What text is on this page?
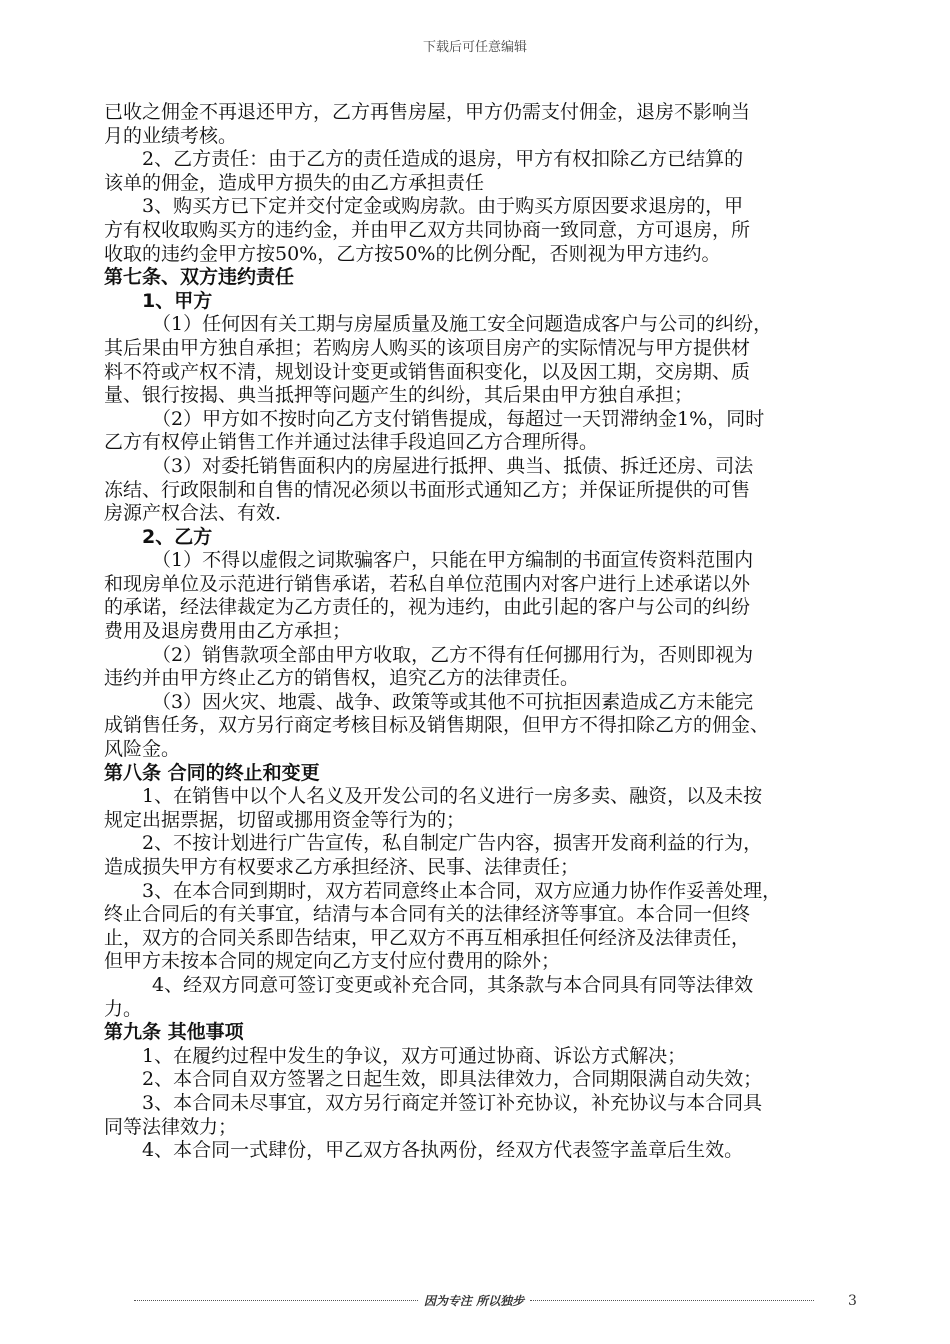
下载后可任意编辑
已收之佣金不再退还甲方，乙方再售房屋，甲方仍需支付佣金，退房不影响当
月的业绩考核。
2、乙方责任：由于乙方的责任造成的退房，甲方有权扣除乙方已结算的
该单的佣金，造成甲方损失的由乙方承担责任
3、购买方已下定并交付定金或购房款。由于购买方原因要求退房的，甲
方有权收取购买方的违约金，并由甲乙双方共同协商一致同意，方可退房，所
收取的违约金甲方按50%，乙方按50%的比例分配，否则视为甲方违约。
第七条、双方违约责任
1、甲方
（1）任何因有关工期与房屋质量及施工安全问题造成客户与公司的纠纷，
其后果由甲方独自承担；若购房人购买的该项目房产的实际情况与甲方提供材
料不符或产权不清，规划设计变更或销售面积变化，以及因工期，交房期、质
量、银行按揭、典当抵押等问题产生的纠纷，其后果由甲方独自承担；
（2）甲方如不按时向乙方支付销售提成，每超过一天罚滞纳金1%，同时
乙方有权停止销售工作并通过法律手段追回乙方合理所得。
（3）对委托销售面积内的房屋进行抵押、典当、抵债、拆迁还房、司法
冻结、行政限制和自售的情况必须以书面形式通知乙方；并保证所提供的可售
房源产权合法、有效.
2、乙方
（1）不得以虚假之词欺骗客户，只能在甲方编制的书面宣传资料范围内
和现房单位及示范进行销售承诺，若私自单位范围内对客户进行上述承诺以外
的承诺，经法律裁定为乙方责任的，视为违约，由此引起的客户与公司的纠纷
费用及退房费用由乙方承担；
（2）销售款项全部由甲方收取，乙方不得有任何挪用行为，否则即视为
违约并由甲方终止乙方的销售权，追究乙方的法律责任。
（3）因火灾、地震、战争、政策等或其他不可抗拒因素造成乙方未能完
成销售任务，双方另行商定考核目标及销售期限，但甲方不得扣除乙方的佣金、
风险金。
第八条 合同的终止和变更
1、在销售中以个人名义及开发公司的名义进行一房多卖、融资，以及未按
规定出据票据，切留或挪用资金等行为的；
2、不按计划进行广告宣传，私自制定广告内容，损害开发商利益的行为，
造成损失甲方有权要求乙方承担经济、民事、法律责任；
3、在本合同到期时，双方若同意终止本合同，双方应通力协作作妥善处理，
终止合同后的有关事宜，结清与本合同有关的法律经济等事宜。本合同一但终
止，双方的合同关系即告结束，甲乙双方不再互相承担任何经济及法律责任，
但甲方未按本合同的规定向乙方支付应付费用的除外；
4、经双方同意可签订变更或补充合同，其条款与本合同具有同等法律效
力。
第九条 其他事项
1、在履约过程中发生的争议，双方可通过协商、诉讼方式解决；
2、本合同自双方签署之日起生效，即具法律效力，合同期限满自动失效；
3、本合同未尽事宜，双方另行商定并签订补充协议，补充协议与本合同具
同等法律效力；
4、本合同一式肆份，甲乙双方各执两份，经双方代表签字盖章后生效。
因为专注 所以独步	3
